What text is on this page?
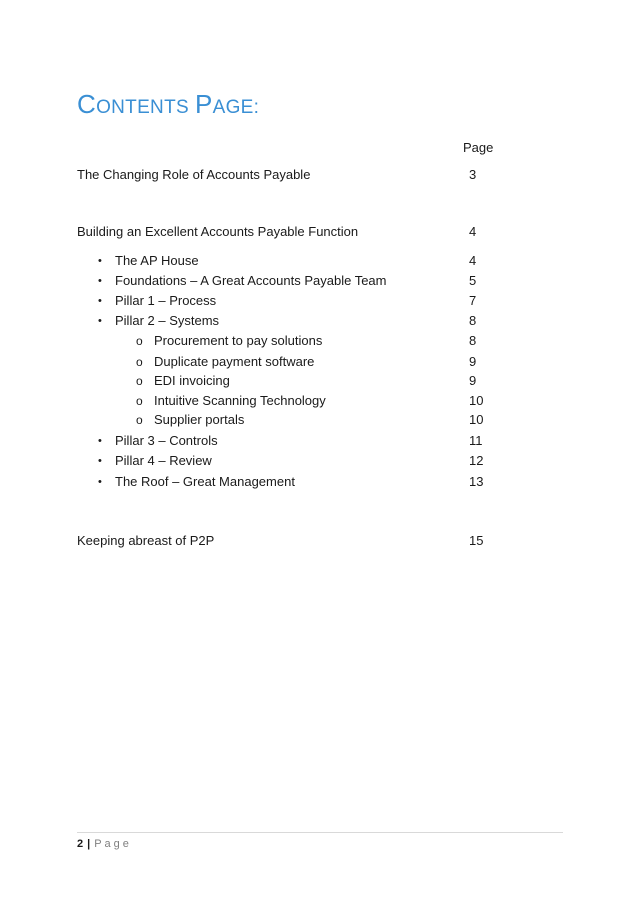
CONTENTS PAGE:
Page
The Changing Role of Accounts Payable	3
Building an Excellent Accounts Payable Function	4
• The AP House	4
• Foundations – A Great Accounts Payable Team	5
• Pillar 1 – Process	7
• Pillar 2 – Systems	8
o Procurement to pay solutions	8
o Duplicate payment software	9
o EDI invoicing	9
o Intuitive Scanning Technology	10
o Supplier portals	10
• Pillar 3 – Controls	11
• Pillar 4 – Review	12
• The Roof – Great Management	13
Keeping abreast of P2P	15
2 | Page
